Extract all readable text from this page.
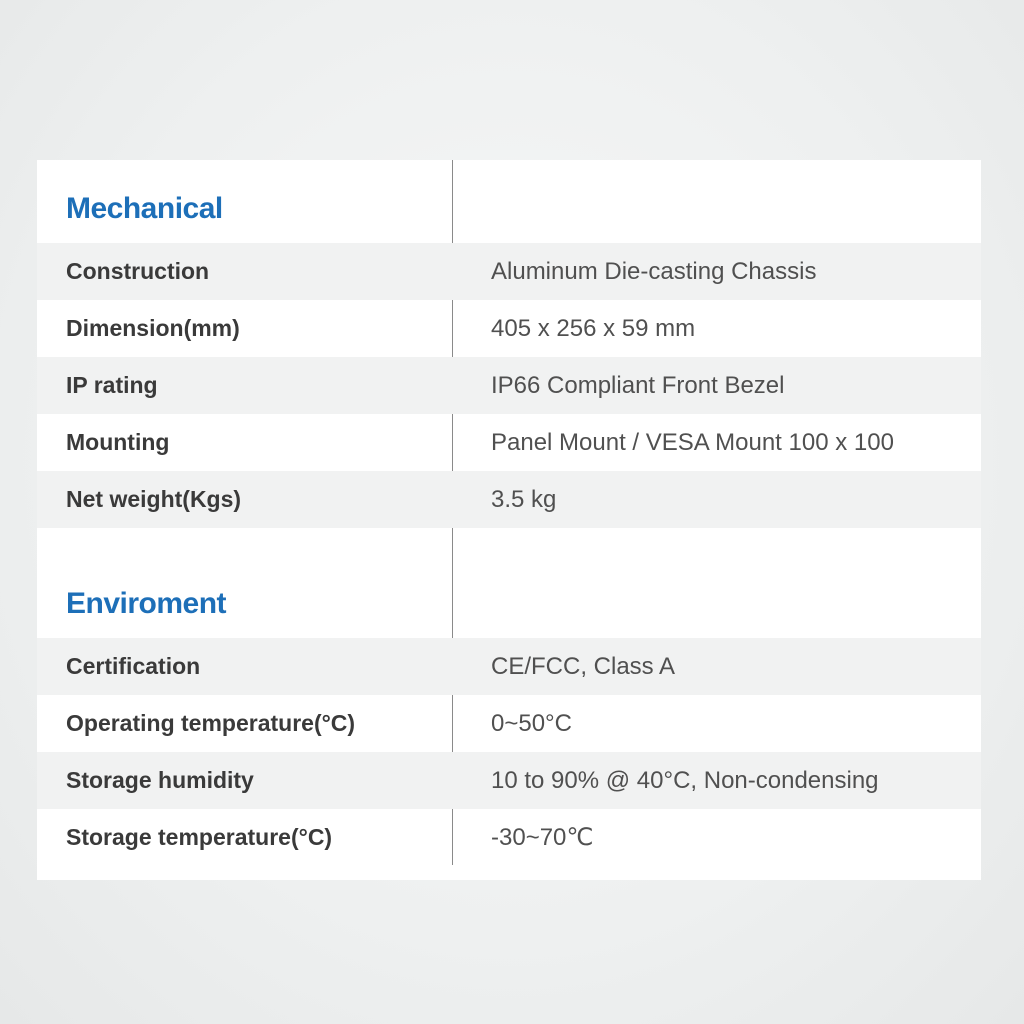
Mechanical
Construction	Aluminum Die-casting Chassis
Dimension(mm)	405 x 256 x 59 mm
IP rating	IP66 Compliant Front Bezel
Mounting	Panel Mount / VESA Mount 100 x 100
Net weight(Kgs)	3.5 kg
Enviroment
Certification	CE/FCC, Class A
Operating temperature(°C)	0~50°C
Storage humidity	10 to 90% @ 40°C, Non-condensing
Storage temperature(°C)	-30~70℃
